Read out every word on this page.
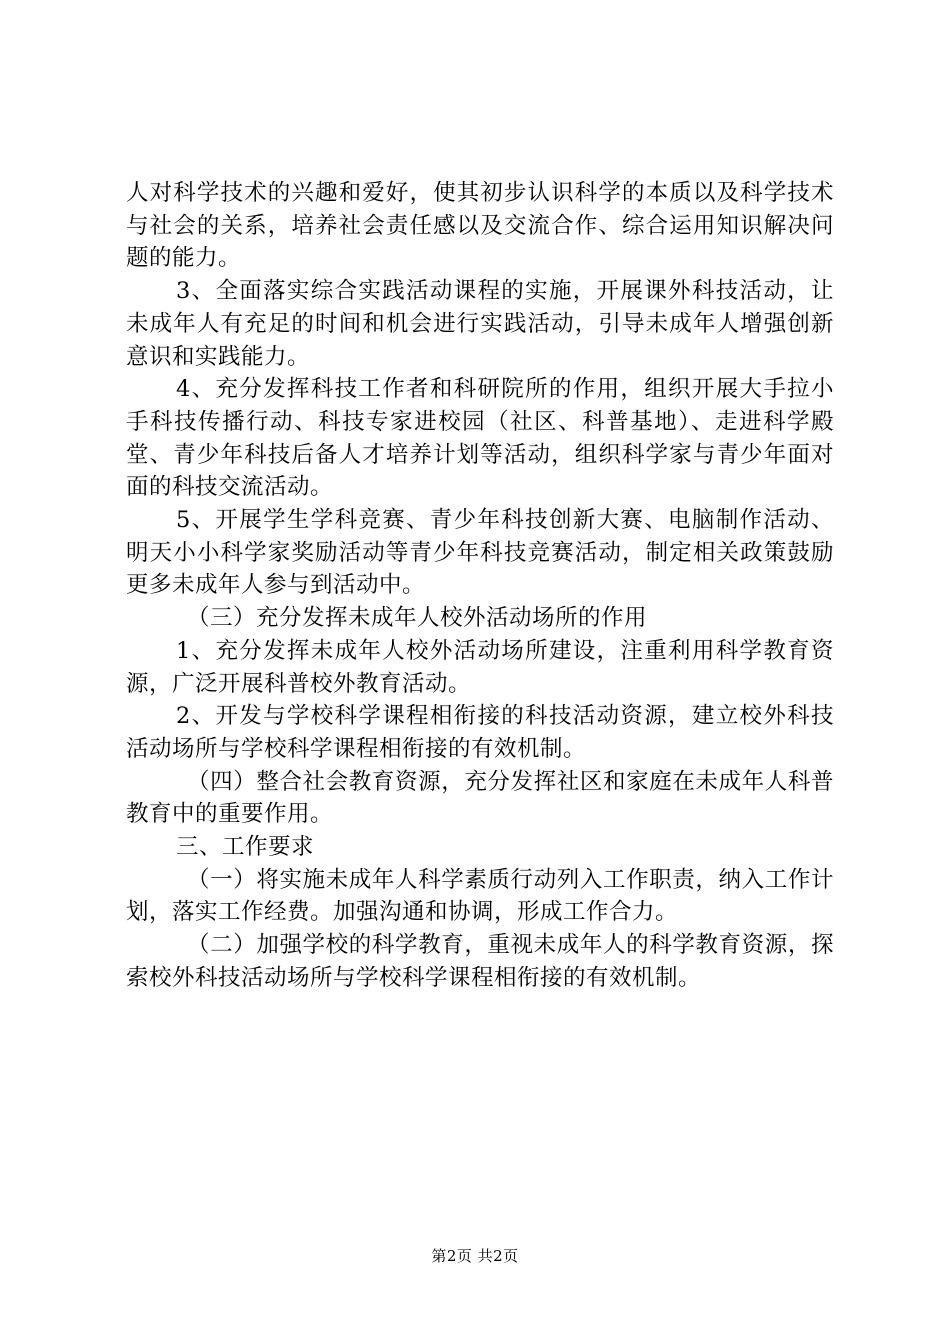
人对科学技术的兴趣和爱好，使其初步认识科学的本质以及科学技术与社会的关系，培养社会责任感以及交流合作、综合运用知识解决问题的能力。

3、全面落实综合实践活动课程的实施，开展课外科技活动，让未成年人有充足的时间和机会进行实践活动，引导未成年人增强创新意识和实践能力。

4、充分发挥科技工作者和科研院所的作用，组织开展大手拉小手科技传播行动、科技专家进校园（社区、科普基地）、走进科学殿堂、青少年科技后备人才培养计划等活动，组织科学家与青少年面对面的科技交流活动。

5、开展学生学科竞赛、青少年科技创新大赛、电脑制作活动、明天小小科学家奖励活动等青少年科技竞赛活动，制定相关政策鼓励更多未成年人参与到活动中。

（三）充分发挥未成年人校外活动场所的作用

1、充分发挥未成年人校外活动场所建设，注重利用科学教育资源，广泛开展科普校外教育活动。

2、开发与学校科学课程相衔接的科技活动资源，建立校外科技活动场所与学校科学课程相衔接的有效机制。

（四）整合社会教育资源，充分发挥社区和家庭在未成年人科普教育中的重要作用。

三、工作要求

（一）将实施未成年人科学素质行动列入工作职责，纳入工作计划，落实工作经费。加强沟通和协调，形成工作合力。

（二）加强学校的科学教育，重视未成年人的科学教育资源，探索校外科技活动场所与学校科学课程相衔接的有效机制。

第2页 共2页
